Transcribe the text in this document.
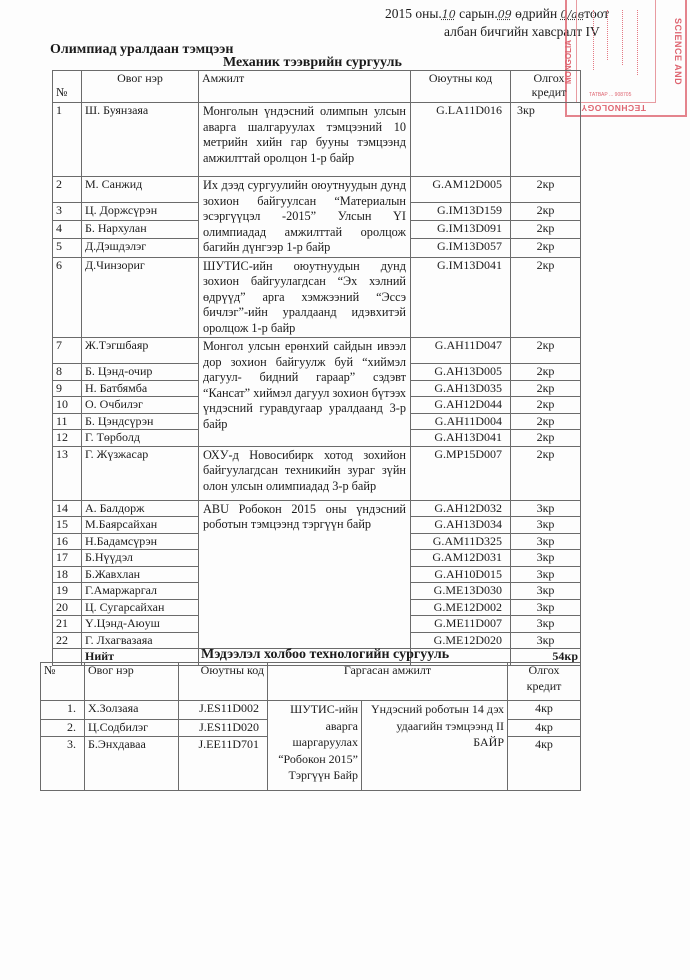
2015 оны.10 сарын.09 өдрийн 0/автоот
албан бичгийн хавсралт IV	SCIENCE AND
MONGOLIA
ТАТВАР ... 908705
TECHNOLOGY
Олимпиад уралдаан тэмцээн
Механик тээврийн сургууль
№	Овог нэр	Амжилт	Оюутны код	Олгох кредит
1	Ш. Буянзаяа	Монголын үндэсний олимпын улсын аварга шалгаруулах тэмцээний 10 метрийн хийн гар бууны тэмцээнд амжилттай оролцон 1-р байр	G.LA11D016	3кр
2	М. Санжид	Их дээд сургуулийн оюутнуудын дунд зохион байгуулсан “Материалын эсэргүүцэл -2015” Улсын ҮI олимпиадад амжилттай оролцож багийн дүнгээр 1-р байр	G.AM12D005	2кр
3	Ц. Доржсүрэн		G.IM13D159	2кр
4	Б. Нархулан		G.IM13D091	2кр
5	Д.Дэшдэлэг		G.IM13D057	2кр
6	Д.Чинзориг	ШУТИС-ийн оюутнуудын дунд зохион байгуулагдсан “Эх хэлний өдрүүд” арга хэмжээний “Эссэ бичлэг”-ийн уралдаанд идэвхитэй оролцож 1-р байр	G.IM13D041	2кр
7	Ж.Тэгшбаяр	Монгол улсын ерөнхий сайдын ивээл дор зохион байгуулж буй “хиймэл дагуул- бидний гараар” сэдэвт “Кансат” хиймэл дагуул зохион бүтээх үндэсний гуравдугаар уралдаанд 3-р байр	G.AH11D047	2кр
8	Б. Цэнд-очир		G.AH13D005	2кр
9	Н. Батбямба		G.AH13D035	2кр
10	О. Очбилэг		G.AH12D044	2кр
11	Б. Цэндсүрэн		G.AH11D004	2кр
12	Г. Төрболд		G.AH13D041	2кр
13	Г. Жүзжасар	ОХУ-д Новосибирк хотод зохийон байгуулагдсан техникийн зураг зүйн олон улсын олимпиадад 3-р байр	G.MP15D007	2кр
14	А. Балдорж	ABU Робокон 2015 оны үндэсний роботын тэмцээнд тэргүүн байр	G.AH12D032	3кр
15	М.Баярсайхан		G.AH13D034	3кр
16	Н.Бадамсүрэн		G.AM11D325	3кр
17	Б.Нүүдэл		G.AM12D031	3кр
18	Б.Жавхлан		G.AH10D015	3кр
19	Г.Амаржаргал		G.ME13D030	3кр
20	Ц. Сугарсайхан		G.ME12D002	3кр
21	Ү.Цэнд-Аюуш		G.ME11D007	3кр
22	Г. Лхагвазаяа		G.ME12D020	3кр
	Нийт			54кр
Мэдээлэл холбоо технологийн сургууль
№	Овог нэр	Оюутны код	Гаргасан амжилт		Олгох кредит
1.	Х.Золзаяа	J.ES11D002	ШУТИС-ийн аварга шаргаруулах “Робокон 2015” Тэргүүн Байр	Үндэсний роботын 14 дэх удаагийн тэмцээнд II БАЙР	4кр
2.	Ц.Содбилэг	J.ES11D020			4кр
3.	Б.Энхдаваа	J.EE11D701			4кр
